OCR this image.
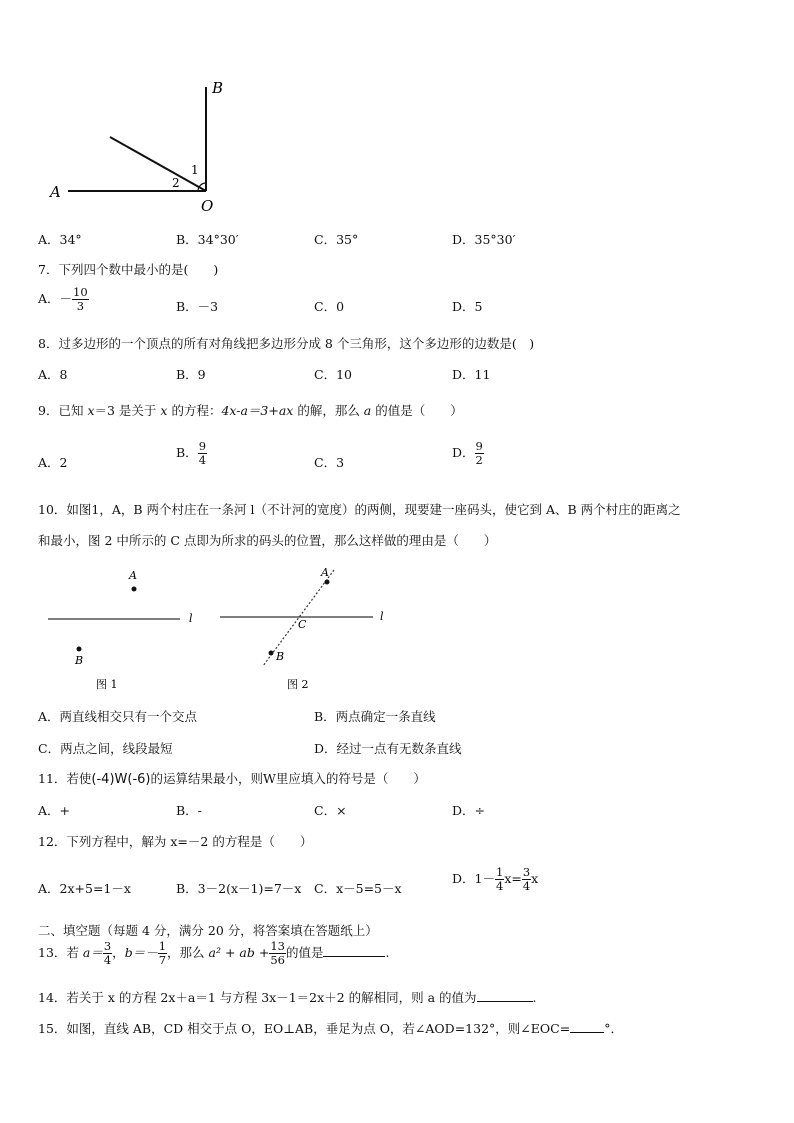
B
A
O
1
2
A．34°	B．34°30′	C．35°	D．35°30′
7．下列四个数中最小的是(　　)
A．－ $\frac{10}{3}$	B．－3	C．0	D．5
8．过多边形的一个顶点的所有对角线把多边形分成 8 个三角形，这个多边形的边数是(　)
A．8	B．9	C．10	D．11
9．已知 x＝3 是关于 x 的方程：4x-a＝3+ax 的解，那么 a 的值是（　　）
A．2
B． $\frac{9}{4}$	C．3
D． $\frac{9}{2}$
10．如图1，A，B 两个村庄在一条河 l（不计河的宽度）的两侧，现要建一座码头，使它到 A、B 两个村庄的距离之
和最小，图 2 中所示的 C 点即为所求的码头的位置，那么这样做的理由是（　　）
A
B
l
图 1
A
B
C
l
图 2
A．两直线相交只有一个交点	B．两点确定一条直线
C．两点之间，线段最短	D．经过一点有无数条直线
11．若使(-4)W(-6)的运算结果最小，则W里应填入的符号是（　　）
A．+	B．-	C．×	D．÷
12．下列方程中，解为 x=－2 的方程是（　　）
A．2x+5=1－x	B．3－2(x－1)=7－x C．x－5=5－x
D．$1- \frac{1}{4} x= \frac{3}{4}$ x
二、填空题（每题 4 分，满分 20 分，将答案填在答题纸上）
13．若 $a= \frac{3}{4}$ ，$b=- \frac{1}{7}$ ，那么 a² + ab + $\frac{13}{56}$ 的值是	.
14．若关于 x 的方程 2x＋a＝1 与方程 3x－1＝2x＋2 的解相同，则 a 的值为	.
15．如图，直线 AB，CD 相交于点 O，EO⊥AB，垂足为点 O，若∠AOD=132°，则∠EOC=	°．
